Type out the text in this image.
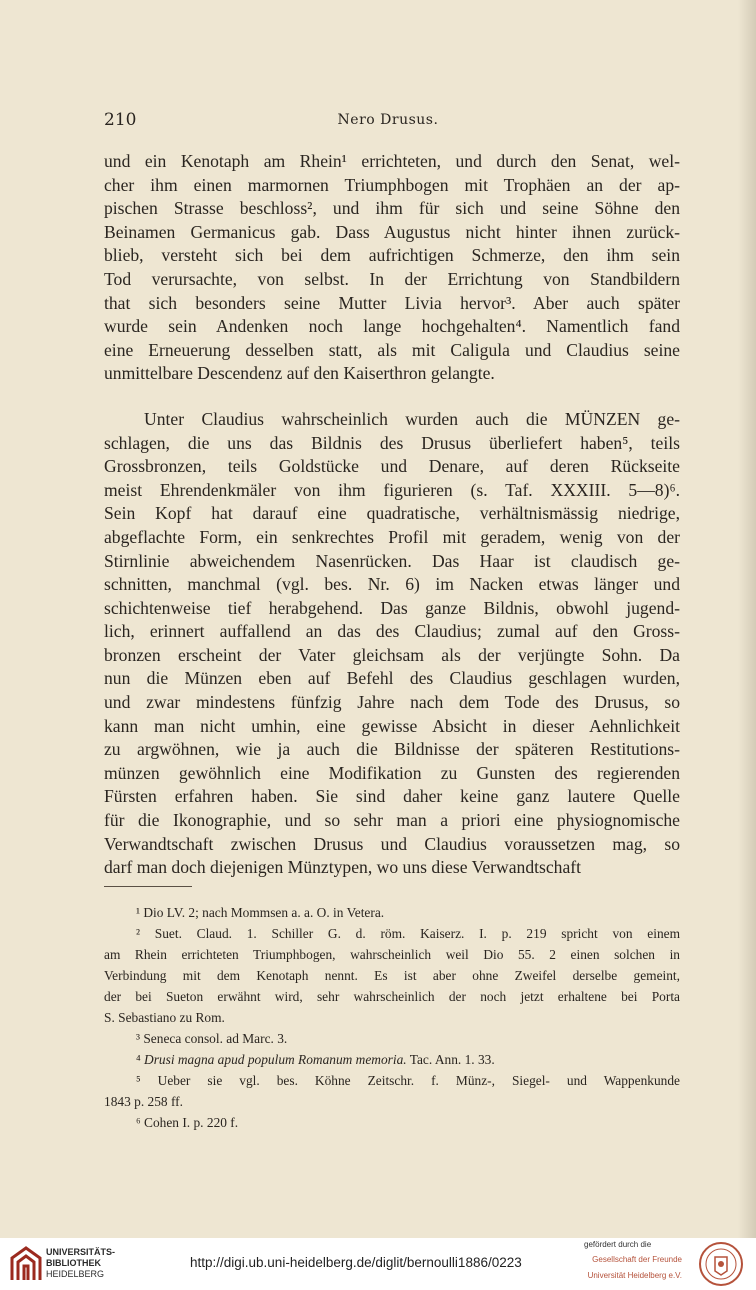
210	Nero Drusus.

und ein Kenotaph am Rhein¹ errichteten, und durch den Senat, wel-
cher ihm einen marmornen Triumphbogen mit Trophäen an der ap-
pischen Strasse beschloss², und ihm für sich und seine Söhne den
Beinamen Germanicus gab. Dass Augustus nicht hinter ihnen zurück-
blieb, versteht sich bei dem aufrichtigen Schmerze, den ihm sein
Tod verursachte, von selbst. In der Errichtung von Standbildern
that sich besonders seine Mutter Livia hervor³. Aber auch später
wurde sein Andenken noch lange hochgehalten⁴. Namentlich fand
eine Erneuerung desselben statt, als mit Caligula und Claudius seine
unmittelbare Descendenz auf den Kaiserthron gelangte.

Unter Claudius wahrscheinlich wurden auch die MÜNZEN ge-
schlagen, die uns das Bildnis des Drusus überliefert haben⁵, teils
Grossbronzen, teils Goldstücke und Denare, auf deren Rückseite
meist Ehrendenkmäler von ihm figurieren (s. Taf. XXXIII. 5—8)⁶.
Sein Kopf hat darauf eine quadratische, verhältnismässig niedrige,
abgeflachte Form, ein senkrechtes Profil mit geradem, wenig von der
Stirnlinie abweichendem Nasenrücken. Das Haar ist claudisch ge-
schnitten, manchmal (vgl. bes. Nr. 6) im Nacken etwas länger und
schichtenweise tief herabgehend. Das ganze Bildnis, obwohl jugend-
lich, erinnert auffallend an das des Claudius; zumal auf den Gross-
bronzen erscheint der Vater gleichsam als der verjüngte Sohn. Da
nun die Münzen eben auf Befehl des Claudius geschlagen wurden,
und zwar mindestens fünfzig Jahre nach dem Tode des Drusus, so
kann man nicht umhin, eine gewisse Absicht in dieser Aehnlichkeit
zu argwöhnen, wie ja auch die Bildnisse der späteren Restitutions-
münzen gewöhnlich eine Modifikation zu Gunsten des regierenden
Fürsten erfahren haben. Sie sind daher keine ganz lautere Quelle
für die Ikonographie, und so sehr man a priori eine physiognomische
Verwandtschaft zwischen Drusus und Claudius voraussetzen mag, so
darf man doch diejenigen Münztypen, wo uns diese Verwandtschaft

¹ Dio LV. 2; nach Mommsen a. a. O. in Vetera.
² Suet. Claud. 1. Schiller G. d. röm. Kaiserz. I. p. 219 spricht von einem
am Rhein errichteten Triumphbogen, wahrscheinlich weil Dio 55. 2 einen solchen in
Verbindung mit dem Kenotaph nennt. Es ist aber ohne Zweifel derselbe gemeint,
der bei Sueton erwähnt wird, sehr wahrscheinlich der noch jetzt erhaltene bei Porta
S. Sebastiano zu Rom.
³ Seneca consol. ad Marc. 3.
⁴ Drusi magna apud populum Romanum memoria. Tac. Ann. 1. 33.
⁵ Ueber sie vgl. bes. Köhne Zeitschr. f. Münz-, Siegel- und Wappenkunde
1843 p. 258 ff.
⁶ Cohen I. p. 220 f.
UNIVERSITÄTS-
BIBLIOTHEK
HEIDELBERG
http://digi.ub.uni-heidelberg.de/diglit/bernoulli1886/0223
gefördert durch die
Gesellschaft der Freunde
Universität Heidelberg e.V.
